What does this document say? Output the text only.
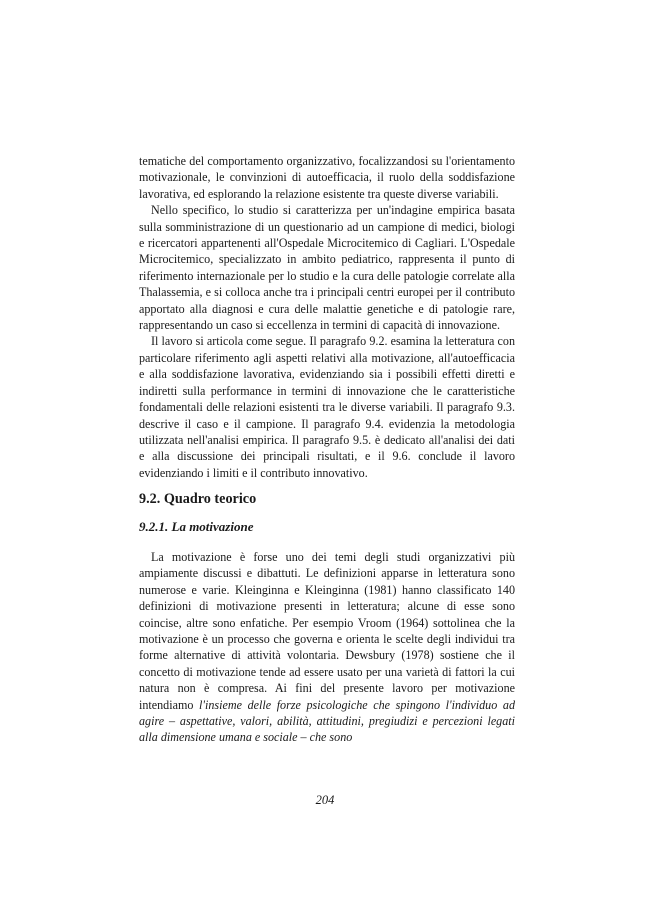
tematiche del comportamento organizzativo, focalizzandosi su l'orientamento motivazionale, le convinzioni di autoefficacia, il ruolo della soddisfazione lavorativa, ed esplorando la relazione esistente tra queste diverse variabili.

Nello specifico, lo studio si caratterizza per un'indagine empirica basata sulla somministrazione di un questionario ad un campione di medici, biologi e ricercatori appartenenti all'Ospedale Microcitemico di Cagliari. L'Ospedale Microcitemico, specializzato in ambito pediatrico, rappresenta il punto di riferimento internazionale per lo studio e la cura delle patologie correlate alla Thalassemia, e si colloca anche tra i principali centri europei per il contributo apportato alla diagnosi e cura delle malattie genetiche e di patologie rare, rappresentando un caso si eccellenza in termini di capacità di innovazione.

Il lavoro si articola come segue. Il paragrafo 9.2. esamina la letteratura con particolare riferimento agli aspetti relativi alla motivazione, all'autoefficacia e alla soddisfazione lavorativa, evidenziando sia i possibili effetti diretti e indiretti sulla performance in termini di innovazione che le caratteristiche fondamentali delle relazioni esistenti tra le diverse variabili. Il paragrafo 9.3. descrive il caso e il campione. Il paragrafo 9.4. evidenzia la metodologia utilizzata nell'analisi empirica. Il paragrafo 9.5. è dedicato all'analisi dei dati e alla discussione dei principali risultati, e il 9.6. conclude il lavoro evidenziando i limiti e il contributo innovativo.

9.2. Quadro teorico
9.2.1. La motivazione

La motivazione è forse uno dei temi degli studi organizzativi più ampiamente discussi e dibattuti. Le definizioni apparse in letteratura sono numerose e varie. Kleinginna e Kleinginna (1981) hanno classificato 140 definizioni di motivazione presenti in letteratura; alcune di esse sono coincise, altre sono enfatiche. Per esempio Vroom (1964) sottolinea che la motivazione è un processo che governa e orienta le scelte degli individui tra forme alternative di attività volontaria. Dewsbury (1978) sostiene che il concetto di motivazione tende ad essere usato per una varietà di fattori la cui natura non è compresa. Ai fini del presente lavoro per motivazione intendiamo l'insieme delle forze psicologiche che spingono l'individuo ad agire – aspettative, valori, abilità, attitudini, pregiudizi e percezioni legati alla dimensione umana e sociale – che sono

204
